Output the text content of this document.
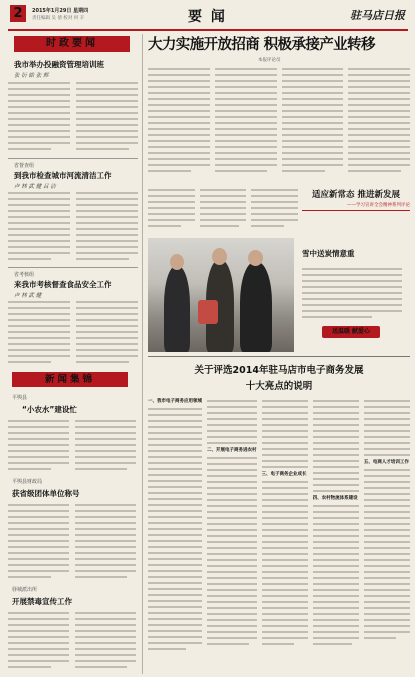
2	2015年1月29日 星期四
责任编辑 吴 倩 校对 何 辛	要 闻	驻马店日报
时政要闻
我市举办投融资管理培训班
张 衍 皓 张 辉
省督查组
到我市检查城市河流清洁工作
卢 林 武 健 吕 洁
省考核组
来我市考核督查食品安全工作
卢 林 武 健
大力实施开放招商 积极承接产业转移
本报评论员
适应新常态 推进新发展
——学习宣讲全会精神系列评论
雪中送炭情意重
送温暖 献爱心
关于评选2014年驻马店市电子商务发展
十大亮点的说明
一、我市电子商务应用领域
二、开展电子商务进农村
三、电子商务企业成长
四、农村物流体系建设
五、电商人才培训工作
新闻集锦
平舆县
“小农水”建设忙
平舆县财政局
获省级团体单位称号
驿城派出所
开展禁毒宣传工作
